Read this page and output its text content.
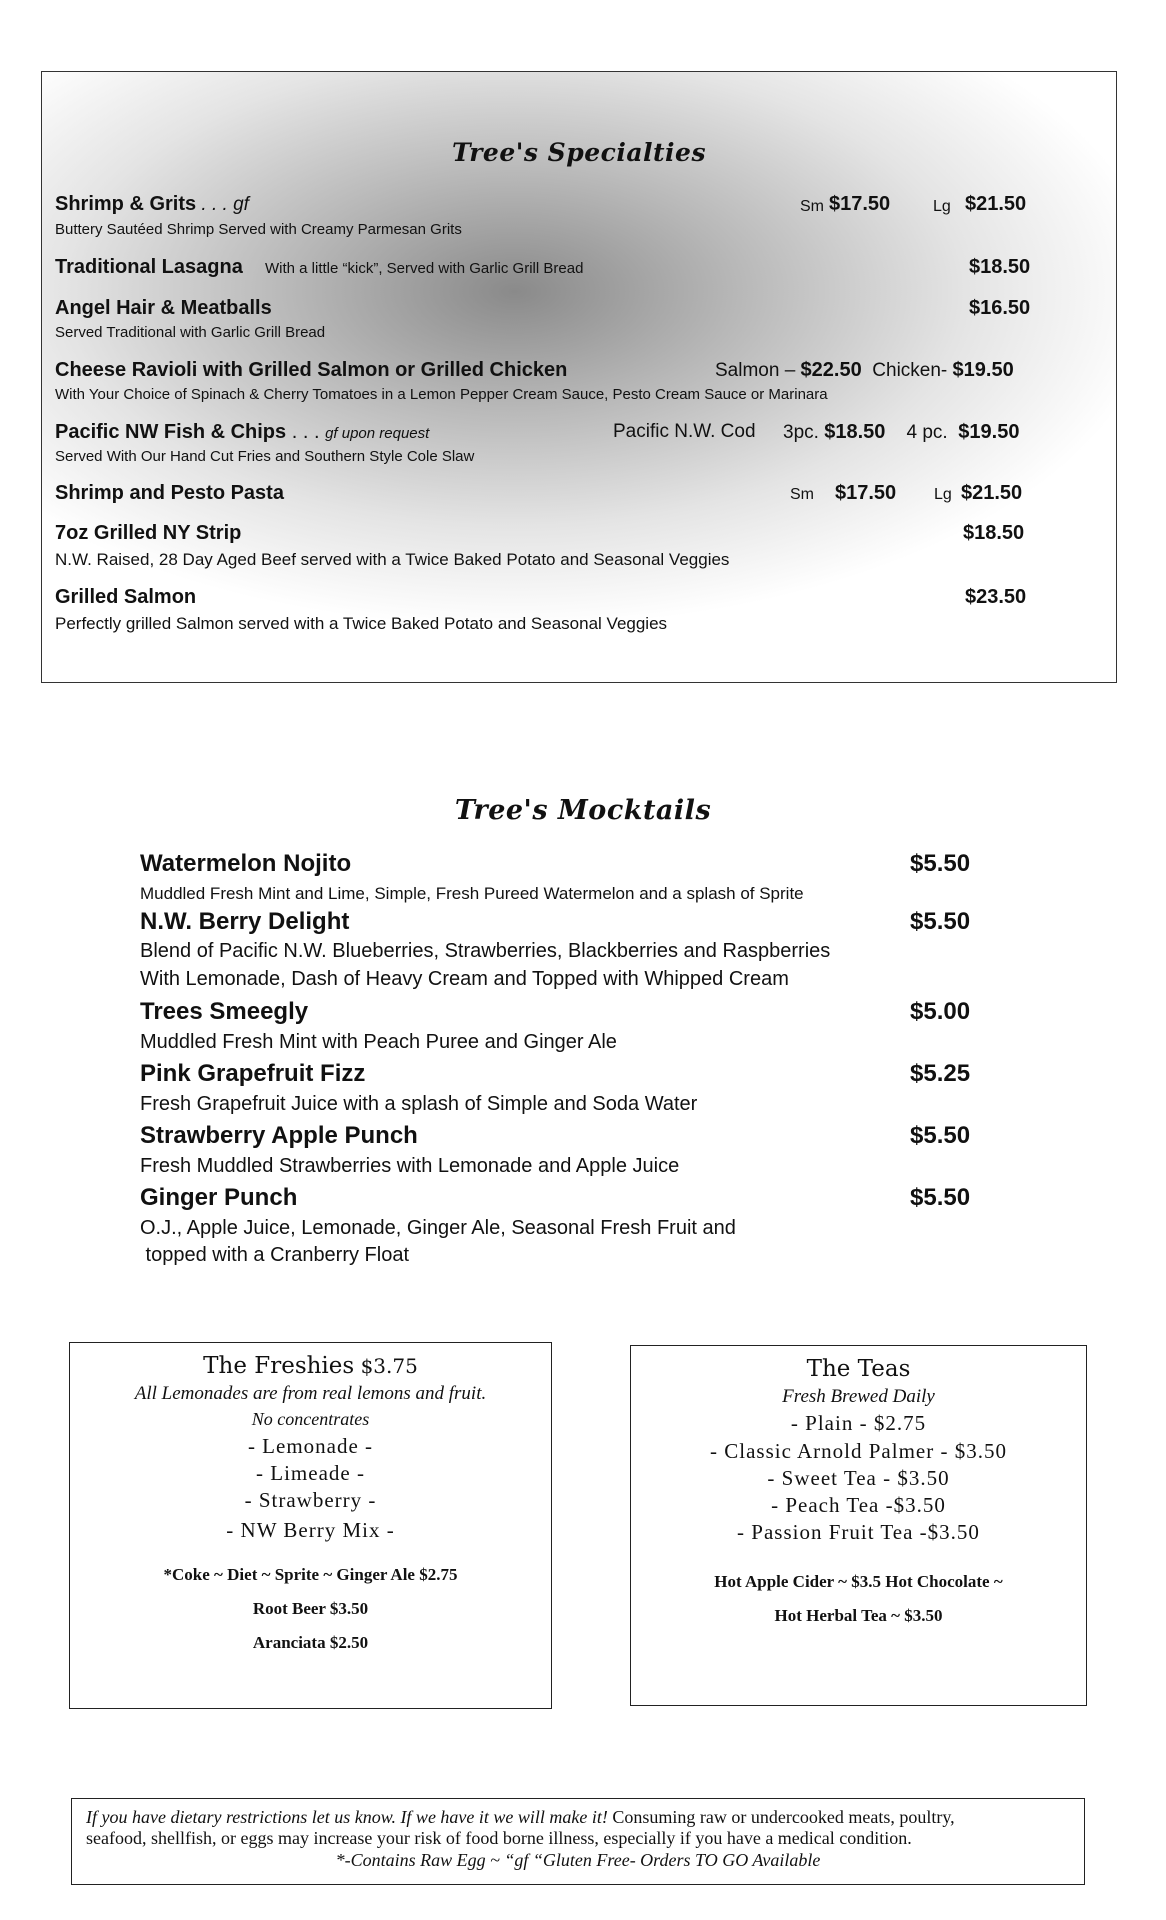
Tree's Specialties
Shrimp & Grits . . . gf
Buttery Sautéed Shrimp Served with Creamy Parmesan Grits
Sm $17.50	Lg $21.50
Traditional Lasagna With a little “kick”, Served with Garlic Grill Bread	$18.50
Angel Hair & Meatballs
Served Traditional with Garlic Grill Bread
$16.50
Cheese Ravioli with Grilled Salmon or Grilled Chicken
With Your Choice of Spinach & Cherry Tomatoes in a Lemon Pepper Cream Sauce, Pesto Cream Sauce or Marinara
Salmon – $22.50 Chicken- $19.50
Pacific NW Fish & Chips . . . gf upon request
Served With Our Hand Cut Fries and Southern Style Cole Slaw
Pacific N.W. Cod 3pc. $18.50 4 pc. $19.50
Shrimp and Pesto Pasta	Sm $17.50 Lg $21.50
7oz Grilled NY Strip
N.W. Raised, 28 Day Aged Beef served with a Twice Baked Potato and Seasonal Veggies
$18.50
Grilled Salmon
Perfectly grilled Salmon served with a Twice Baked Potato and Seasonal Veggies
$23.50
Tree's Mocktails
Watermelon Nojito	$5.50
Muddled Fresh Mint and Lime, Simple, Fresh Pureed Watermelon and a splash of Sprite
N.W. Berry Delight	$5.50
Blend of Pacific N.W. Blueberries, Strawberries, Blackberries and Raspberries
With Lemonade, Dash of Heavy Cream and Topped with Whipped Cream
Trees Smeegly	$5.00
Muddled Fresh Mint with Peach Puree and Ginger Ale
Pink Grapefruit Fizz	$5.25
Fresh Grapefruit Juice with a splash of Simple and Soda Water
Strawberry Apple Punch	$5.50
Fresh Muddled Strawberries with Lemonade and Apple Juice
Ginger Punch	$5.50
O.J., Apple Juice, Lemonade, Ginger Ale, Seasonal Fresh Fruit and
topped with a Cranberry Float
The Freshies $3.75
All Lemonades are from real lemons and fruit.
No concentrates
- Lemonade -
- Limeade -
- Strawberry -
- NW Berry Mix -
*Coke ~ Diet ~ Sprite ~ Ginger Ale $2.75
Root Beer $3.50
Aranciata $2.50
The Teas
Fresh Brewed Daily
- Plain - $2.75
- Classic Arnold Palmer - $3.50
- Sweet Tea - $3.50
- Peach Tea -$3.50
- Passion Fruit Tea -$3.50
Hot Apple Cider ~ $3.5 Hot Chocolate ~
Hot Herbal Tea ~ $3.50
If you have dietary restrictions let us know. If we have it we will make it! Consuming raw or undercooked meats, poultry,
seafood, shellfish, or eggs may increase your risk of food borne illness, especially if you have a medical condition.
*-Contains Raw Egg ~ “gf “Gluten Free- Orders TO GO Available
